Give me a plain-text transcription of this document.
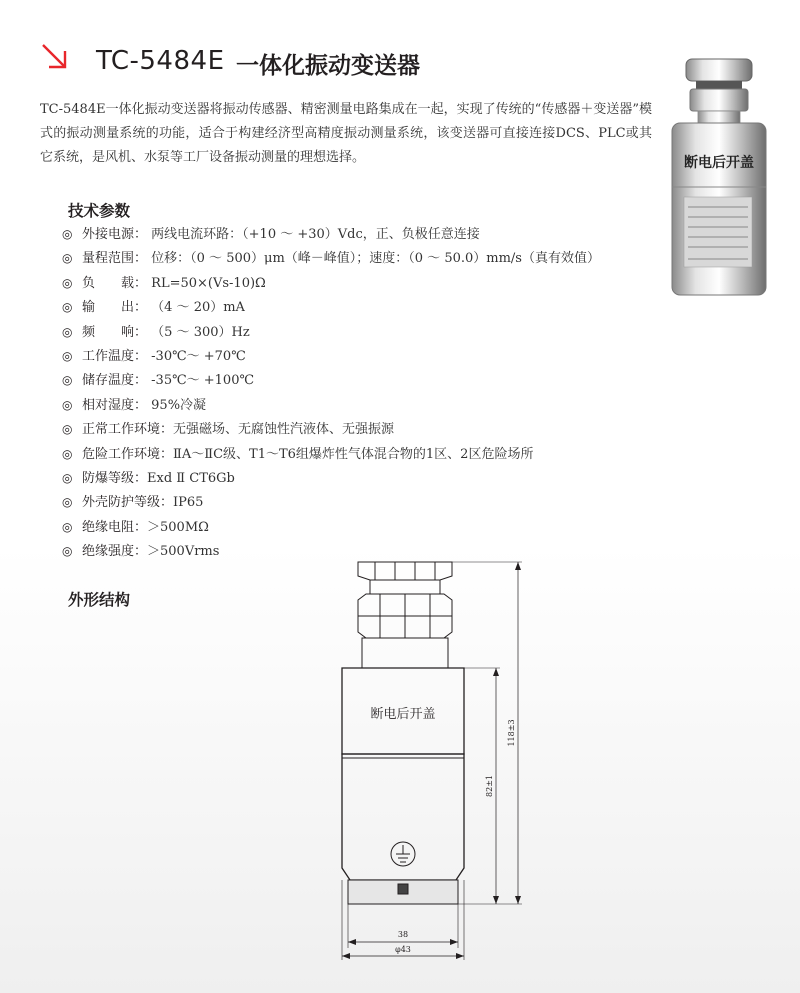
TC-5484E 一体化振动变送器
TC-5484E一体化振动变送器将振动传感器、精密测量电路集成在一起，实现了传统的“传感器＋变送器”模式的振动测量系统的功能，适合于构建经济型高精度振动测量系统，该变送器可直接连接DCS、PLC或其它系统，是风机、水泵等工厂设备振动测量的理想选择。
技术参数
◎ 外接电源： 两线电流环路：（+10 ～ +30）Vdc，正、负极任意连接
◎ 量程范围： 位移：（0 ～ 500）μm（峰－峰值）；速度：（0 ～ 50.0）mm/s（真有效值）
◎ 负　　载： RL=50×(Vs-10)Ω
◎ 输　　出： （4 ～ 20）mA
◎ 频　　响： （5 ～ 300）Hz
◎ 工作温度： -30℃～ +70℃
◎ 储存温度： -35℃～ +100℃
◎ 相对湿度： 95%冷凝
◎ 正常工作环境：无强磁场、无腐蚀性汽液体、无强振源
◎ 危险工作环境：ⅡA～ⅡC级、T1～T6组爆炸性气体混合物的1区、2区危险场所
◎ 防爆等级：Exd Ⅱ CT6Gb
◎ 外壳防护等级：IP65
◎ 绝缘电阻：＞500MΩ
◎ 绝缘强度：＞500Vrms
外形结构
断电后开盖
断电后开盖
118±3
82±1
38
φ43
